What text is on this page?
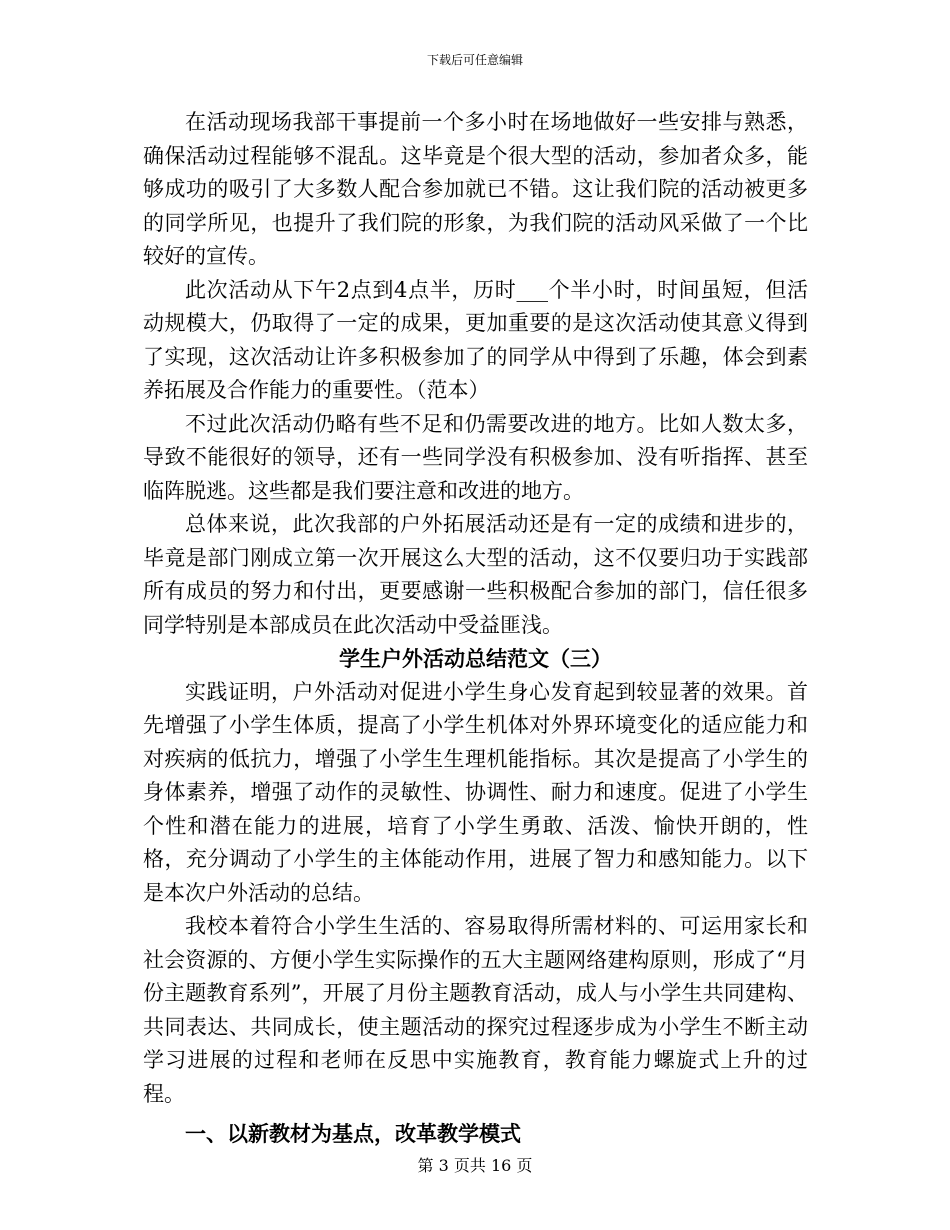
下载后可任意编辑

在活动现场我部干事提前一个多小时在场地做好一些安排与熟悉，确保活动过程能够不混乱。这毕竟是个很大型的活动，参加者众多，能够成功的吸引了大多数人配合参加就已不错。这让我们院的活动被更多的同学所见，也提升了我们院的形象，为我们院的活动风采做了一个比较好的宣传。

此次活动从下午2点到4点半，历时___个半小时，时间虽短，但活动规模大，仍取得了一定的成果，更加重要的是这次活动使其意义得到了实现，这次活动让许多积极参加了的同学从中得到了乐趣，体会到素养拓展及合作能力的重要性。（范本）

不过此次活动仍略有些不足和仍需要改进的地方。比如人数太多，导致不能很好的领导，还有一些同学没有积极参加、没有听指挥、甚至临阵脱逃。这些都是我们要注意和改进的地方。

总体来说，此次我部的户外拓展活动还是有一定的成绩和进步的，毕竟是部门刚成立第一次开展这么大型的活动，这不仅要归功于实践部所有成员的努力和付出，更要感谢一些积极配合参加的部门，信任很多同学特别是本部成员在此次活动中受益匪浅。

学生户外活动总结范文（三）

实践证明，户外活动对促进小学生身心发育起到较显著的效果。首先增强了小学生体质，提高了小学生机体对外界环境变化的适应能力和对疾病的低抗力，增强了小学生生理机能指标。其次是提高了小学生的身体素养，增强了动作的灵敏性、协调性、耐力和速度。促进了小学生个性和潜在能力的进展，培育了小学生勇敢、活泼、愉快开朗的，性格，充分调动了小学生的主体能动作用，进展了智力和感知能力。以下是本次户外活动的总结。

我校本着符合小学生生活的、容易取得所需材料的、可运用家长和社会资源的、方便小学生实际操作的五大主题网络建构原则，形成了“月份主题教育系列”，开展了月份主题教育活动，成人与小学生共同建构、共同表达、共同成长，使主题活动的探究过程逐步成为小学生不断主动学习进展的过程和老师在反思中实施教育，教育能力螺旋式上升的过程。

一、以新教材为基点，改革教学模式
第 3 页共 16 页
